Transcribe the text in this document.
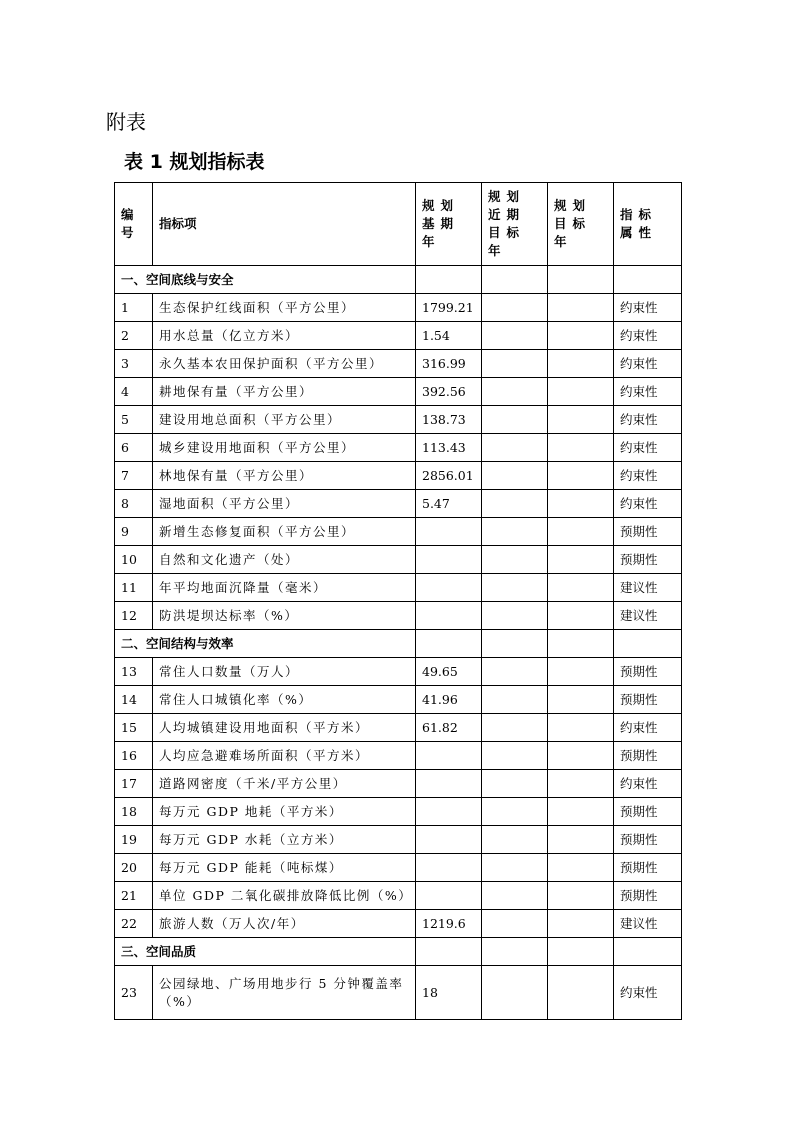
附表
表 1 规划指标表
编号	指标项	规划基期年	规划近期目标年	规划目标年	指标属性
一、空间底线与安全					
1	生态保护红线面积（平方公里）	1799.21			约束性
2	用水总量（亿立方米）	1.54			约束性
3	永久基本农田保护面积（平方公里）	316.99			约束性
4	耕地保有量（平方公里）	392.56			约束性
5	建设用地总面积（平方公里）	138.73			约束性
6	城乡建设用地面积（平方公里）	113.43			约束性
7	林地保有量（平方公里）	2856.01			约束性
8	湿地面积（平方公里）	5.47			约束性
9	新增生态修复面积（平方公里）				预期性
10	自然和文化遗产（处）				预期性
11	年平均地面沉降量（毫米）				建议性
12	防洪堤坝达标率（%）				建议性
二、空间结构与效率					
13	常住人口数量（万人）	49.65			预期性
14	常住人口城镇化率（%）	41.96			预期性
15	人均城镇建设用地面积（平方米）	61.82			约束性
16	人均应急避难场所面积（平方米）				预期性
17	道路网密度（千米/平方公里）				约束性
18	每万元 GDP 地耗（平方米）				预期性
19	每万元 GDP 水耗（立方米）				预期性
20	每万元 GDP 能耗（吨标煤）				预期性
21	单位 GDP 二氧化碳排放降低比例（%）				预期性
22	旅游人数（万人次/年）	1219.6			建议性
三、空间品质					
23	公园绿地、广场用地步行 5 分钟覆盖率（%）	18			约束性
